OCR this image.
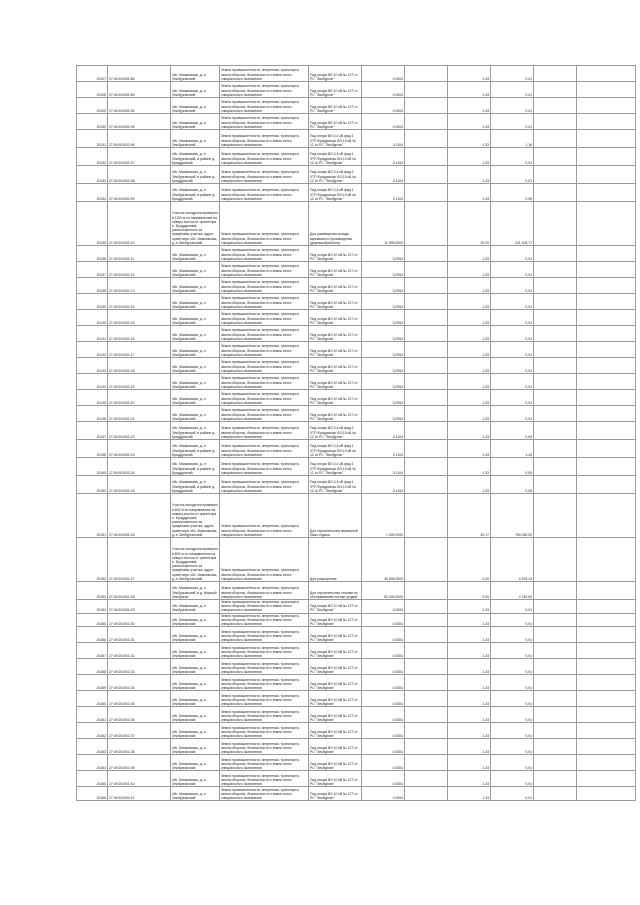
20127	27:04:001001:86	хбс. Маяковская, д.-н Эльбурганский	Земли промышленности, энергетики, транспорта, земли обороны, безопасности и земли иного специального назначения	Под опоры ВЛ-10 кВ № 12Т от РС "Эльбурган"	0,0004		1,33	0,01		
20128	27:04:001001:89	хбс. Маяковская, д.-н Эльбурганский	Земли промышленности, энергетики, транспорта, земли обороны, безопасности и земли иного специального назначения	Под опоры ВЛ-10 кВ № 12Т от РС "Эльбурган"	0,0004		1,33	0,01		
20129	27:04:001001:94	хбс. Маяковская, д.-н Эльбурганский	Земли промышленности, энергетики, транспорта, земли обороны, безопасности и земли иного специального назначения	Под опоры ВЛ-10 кВ № 12Т от РС "Эльбурган"	0,0004		1,33	0,01		
20130	27:04:001001:95	хбс. Маяковская, д.-н Эльбурганский	Земли промышленности, энергетики, транспорта, земли обороны, безопасности и земли иного специального назначения	Под опоры ВЛ-10 кВ № 12Т от РС "Эльбурган"	0,0004		1,33	0,01		
20131	27:04:001001:96	хбс. Маяковская, д.-н Эльбурганский	Земли промышленности, энергетики, транспорта, земли обороны, безопасности и земли иного специального назначения	Под опоры ВЛ-0,4 кВ фид.1 ЗТП Фридрихско ВЛ-10 кВ № 12 от РС "Эльбурган"	4,1104		1,33	1,16		
20132	27:04:001001:97	хбс. Маяковская, д.-н Эльбурганский, в районе д. Бриддунский	Земли промышленности, энергетики, транспорта, земли обороны, безопасности и земли иного специального назначения	Под опоры ВЛ-0,4 кВ фид.1 ЗТП Фридрихско ВЛ-10 кВ № 12 от РС "Эльбурган"	0,1104		1,33	0,01		
20133	27:04:001001:98	хбс. Маяковская, д.-н Эльбурганский, в районе д. Бриддунский	Земли промышленности, энергетики, транспорта, земли обороны, безопасности и земли иного специального назначения	Под опоры ВЛ-0,4 кВ фид.1 ЗТП Фридрихско ВЛ-10 кВ № 12 от РС "Эльбурган"	0,1104		1,33	0,01		
20134	27:04:001001:99	хбс. Маяковская, д.-н Эльбурганский, в районе д. Бриддунский	Земли промышленности, энергетики, транспорта, земли обороны, безопасности и земли иного специального назначения	Под опоры ВЛ-0,4 кВ фид.1 ЗТП Фридрихско ВЛ-10 кВ № 12 от РС "Эльбурган"	0,1104		1,33	0,05		
20135	27:04:001001:10	Участок находится примерно в 1100 м по направлению на северо-восток от ориентира п. Бриддунский, расположенного за пределами участка, адрес ориентира: хбс. Маяковская, д.-н Эльбурганский	Земли промышленности, энергетики, транспорта, земли обороны, безопасности и земли иного специального назначения	Для размещения склада взрывчатого производства (деревообработки)	11 095,0000		20,00	221 105,77		
20136	27:04:001001:11	хбс. Маяковская, д.-н Эльбурганский	Земли промышленности, энергетики, транспорта, земли обороны, безопасности и земли иного специального назначения	Под опоры ВЛ-10 кВ № 12Т от РС "Эльбурган"	0,0004		1,33	0,01		
20137	27:04:001001:12	хбс. Маяковская, д.-н Эльбурганский	Земли промышленности, энергетики, транспорта, земли обороны, безопасности и земли иного специального назначения	Под опоры ВЛ-10 кВ № 12Т от РС "Эльбурган"	0,0004		1,33	0,01		
20138	27:04:001001:13	хбс. Маяковская, д.-н Эльбурганский	Земли промышленности, энергетики, транспорта, земли обороны, безопасности и земли иного специального назначения	Под опоры ВЛ-10 кВ № 12Т от РС "Эльбурган"	0,0004		1,33	0,01		
20139	27:04:001001:14	хбс. Маяковская, д.-н Эльбурганский	Земли промышленности, энергетики, транспорта, земли обороны, безопасности и земли иного специального назначения	Под опоры ВЛ-10 кВ № 12Т от РС "Эльбурган"	0,0004		1,33	0,01		
20140	27:04:001001:15	хбс. Маяковская, д.-н Эльбурганский	Земли промышленности, энергетики, транспорта, земли обороны, безопасности и земли иного специального назначения	Под опоры ВЛ-10 кВ № 12Т от РС "Эльбурган"	0,0004		1,33	0,01		
20141	27:04:001001:16	хбс. Маяковская, д.-н Эльбурганский	Земли промышленности, энергетики, транспорта, земли обороны, безопасности и земли иного специального назначения	Под опоры ВЛ-10 кВ № 12Т от РС "Эльбурган"	0,0004		1,33	0,01		
20142	27:04:001001:17	хбс. Маяковская, д.-н Эльбурганский	Земли промышленности, энергетики, транспорта, земли обороны, безопасности и земли иного специального назначения	Под опоры ВЛ-10 кВ № 12Т от РС "Эльбурган"	0,0004		1,33	0,01		
20143	27:04:001001:18	хбс. Маяковская, д.-н Эльбурганский	Земли промышленности, энергетики, транспорта, земли обороны, безопасности и земли иного специального назначения	Под опоры ВЛ-10 кВ № 12Т от РС "Эльбурган"	0,0004		1,33	0,01		
20144	27:04:001001:19	хбс. Маяковская, д.-н Эльбурганский	Земли промышленности, энергетики, транспорта, земли обороны, безопасности и земли иного специального назначения	Под опоры ВЛ-10 кВ № 12Т от РС "Эльбурган"	0,0004		1,33	0,01		
20145	27:04:001001:20	хбс. Маяковская, д.-н Эльбурганский	Земли промышленности, энергетики, транспорта, земли обороны, безопасности и земли иного специального назначения	Под опоры ВЛ-10 кВ № 12Т от РС "Эльбурган"	0,0004		1,33	0,01		
20146	27:04:001001:21	хбс. Маяковская, д.-н Эльбурганский	Земли промышленности, энергетики, транспорта, земли обороны, безопасности и земли иного специального назначения	Под опоры ВЛ-10 кВ № 12Т от РС "Эльбурган"	0,0004		1,33	0,01		
20147	27:04:001001:22	хбс. Маяковская, д.-н Эльбурганский, в районе д. Бриддунский	Земли промышленности, энергетики, транспорта, земли обороны, безопасности и земли иного специального назначения	Под опоры ВЛ-0,4 кВ фид.1 ЗТП Фридрихско ВЛ-10 кВ № 12 от РС "Эльбурган"	0,1104		1,33	0,05		
20148	27:04:001001:23	хбс. Маяковская, д.-н Эльбурганский, в районе д. Бриддунский	Земли промышленности, энергетики, транспорта, земли обороны, безопасности и земли иного специального назначения	Под опоры ВЛ-0,4 кВ фид.1 ЗТП Фридрихско ВЛ-10 кВ № 12 от РС "Эльбурган"	0,1104		1,33	1,43		
20149	27:04:001001:24	хбс. Маяковская, д.-н Эльбурганский, в районе д. Бриддунский	Земли промышленности, энергетики, транспорта, земли обороны, безопасности и земли иного специального назначения	Под опоры ВЛ-0,4 кВ фид.1 ЗТП Фридрихско ВЛ-10 кВ № 12 от РС "Эльбурган"	0,1104		1,33	0,05		
20150	27:04:001001:25	хбс. Маяковская, д.-н Эльбурганский, в районе д. Бриддунский	Земли промышленности, энергетики, транспорта, земли обороны, безопасности и земли иного специального назначения	Под опоры ВЛ-0,4 кВ фид.1 ЗТП Фридрихско ВЛ-10 кВ № 12 от РС "Эльбурган"	0,1104		1,33	0,05		
20151	27:04:001001:26	Участок находится примерно в 600 м по направлению на северо-восток от ориентира п. Бриддунский, расположенного за пределами участка, адрес ориентира: хбс. Маяковская, д.-н Эльбурганский	Земли промышленности, энергетики, транспорта, земли обороны, безопасности и земли иного специального назначения	Для строительства земельной базы отдыха	1 000,0000		49,17	754 030,00		
20152	27:04:001001:27	Участок находится примерно в 600 м по направлению на северо-восток от ориентира п. Бриддунский, расположенного за пределами участка, адрес ориентира: хбс. Маяковская, д.-н Эльбурганский	Земли промышленности, энергетики, транспорта, земли обороны, безопасности и земли иного специального назначения	Для расширения	45 605,0000		0,00	4 578,13		
20153	27:04:001001:28	хбс. Маяковская, д.-н Эльбурганский, в д. Мирный Эльбурган	Земли промышленности, энергетики, транспорта, земли обороны, безопасности и земли иного специального назначения	Для строительства стоянки по обслуживанию лесных угодий	50 000,0000		0,00	4 740,00		
20154	27:04:001001:29	хбс. Маяковская, д.-н Эльбурганский	Земли промышленности, энергетики, транспорта, земли обороны, безопасности и земли иного специального назначения	Под опоры ВЛ-10 кВ № 12Т от РС "Эльбурган"	0,0004		1,33	0,01		
20155	27:04:001001:30	хбс. Маяковская, д.-н Эльбурганский	Земли промышленности, энергетики, транспорта, земли обороны, безопасности и земли иного специального назначения	Под опоры ВЛ-10 кВ № 12Т от РС "Эльбурган"	0,0004		1,33	0,01		
20156	27:04:001001:31	хбс. Маяковская, д.-н Эльбурганский	Земли промышленности, энергетики, транспорта, земли обороны, безопасности и земли иного специального назначения	Под опоры ВЛ-10 кВ № 12Т от РС "Эльбурган"	0,0004		1,33	0,01		
20157	27:04:001001:32	хбс. Маяковская, д.-н Эльбурганский	Земли промышленности, энергетики, транспорта, земли обороны, безопасности и земли иного специального назначения	Под опоры ВЛ-10 кВ № 12Т от РС "Эльбурган"	0,0004		1,33	0,01		
20158	27:04:001001:33	хбс. Маяковская, д.-н Эльбурганский	Земли промышленности, энергетики, транспорта, земли обороны, безопасности и земли иного специального назначения	Под опоры ВЛ-10 кВ № 12Т от РС "Эльбурган"	0,0004		1,33	0,01		
20159	27:04:001001:34	хбс. Маяковская, д.-н Эльбурганский	Земли промышленности, энергетики, транспорта, земли обороны, безопасности и земли иного специального назначения	Под опоры ВЛ-10 кВ № 12Т от РС "Эльбурган"	0,0004		1,33	0,01		
20160	27:04:001001:35	хбс. Маяковская, д.-н Эльбурганский	Земли промышленности, энергетики, транспорта, земли обороны, безопасности и земли иного специального назначения	Под опоры ВЛ-10 кВ № 12Т от РС "Эльбурган"	0,0004		1,33	0,01		
20161	27:04:001001:36	хбс. Маяковская, д.-н Эльбурганский	Земли промышленности, энергетики, транспорта, земли обороны, безопасности и земли иного специального назначения	Под опоры ВЛ-10 кВ № 12Т от РС "Эльбурган"	0,0004		1,33	0,01		
20162	27:04:001001:37	хбс. Маяковская, д.-н Эльбурганский	Земли промышленности, энергетики, транспорта, земли обороны, безопасности и земли иного специального назначения	Под опоры ВЛ-10 кВ № 12Т от РС "Эльбурган"	0,0004		1,33	0,01		
20163	27:04:001001:38	хбс. Маяковская, д.-н Эльбурганский	Земли промышленности, энергетики, транспорта, земли обороны, безопасности и земли иного специального назначения	Под опоры ВЛ-10 кВ № 12Т от РС "Эльбурган"	0,0004		1,33	0,01		
20164	27:04:001001:39	хбс. Маяковская, д.-н Эльбурганский	Земли промышленности, энергетики, транспорта, земли обороны, безопасности и земли иного специального назначения	Под опоры ВЛ-10 кВ № 12Т от РС "Эльбурган"	0,0004		1,33	0,01		
20165	27:04:001001:40	хбс. Маяковская, д.-н Эльбурганский	Земли промышленности, энергетики, транспорта, земли обороны, безопасности и земли иного специального назначения	Под опоры ВЛ-10 кВ № 12Т от РС "Эльбурган"	0,0004		1,33	0,01		
20166	27:04:001001:41	хбс. Маяковская, д.-н Эльбурганский	Земли промышленности, энергетики, транспорта, земли обороны, безопасности и земли иного специального назначения	Под опоры ВЛ-10 кВ № 12Т от РС "Эльбурган"	0,0004		1,33	0,01		
